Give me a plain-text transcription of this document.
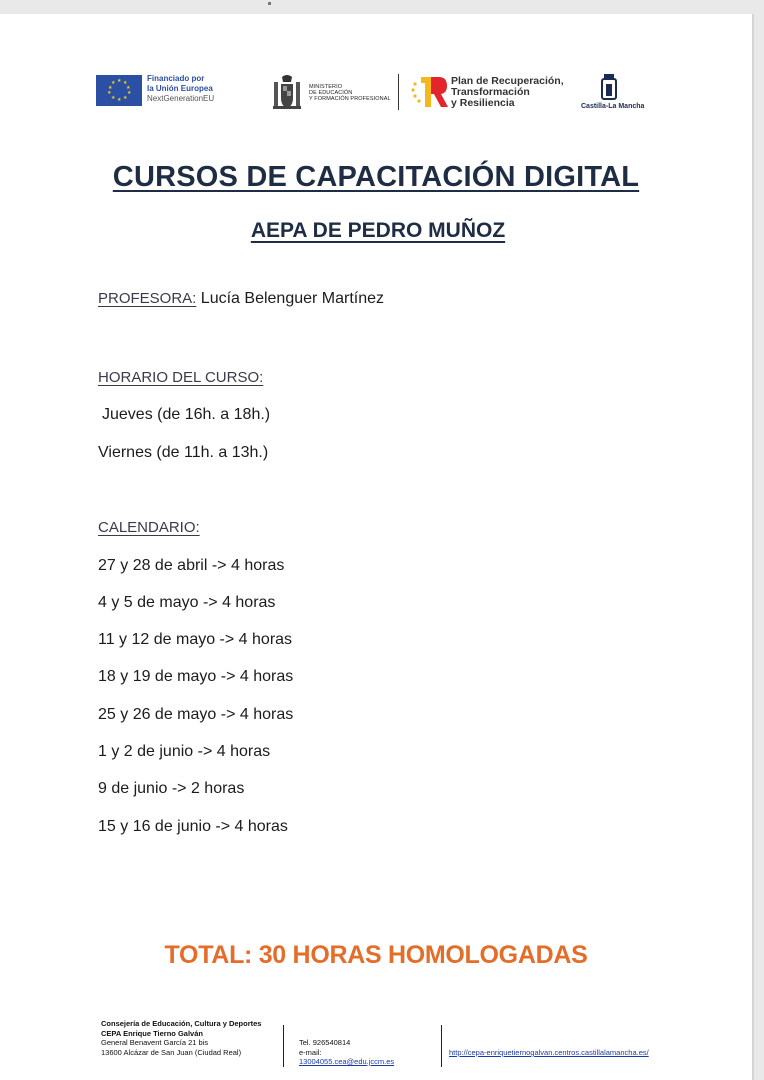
★ ★
★
★
★
★
★
★
★
★	Financiado por
la Unión Europea
NextGenerationEU
MINISTERIO
DE EDUCACIÓN
Y FORMACIÓN PROFESIONAL
Plan de Recuperación,
Transformación
y Resiliencia	Castilla-La Mancha
CURSOS DE CAPACITACIÓN DIGITAL
AEPA DE PEDRO MUÑOZ
PROFESORA: Lucía Belenguer Martínez
HORARIO DEL CURSO:
Jueves (de 16h. a 18h.)
Viernes (de 11h. a 13h.)
CALENDARIO:
27 y 28 de abril -> 4 horas
4 y 5 de mayo -> 4 horas
11 y 12 de mayo -> 4 horas
18 y 19 de mayo -> 4 horas
25 y 26 de mayo -> 4 horas
1 y 2 de junio -> 4 horas
9 de junio -> 2 horas
15 y 16 de junio -> 4 horas
TOTAL: 30 HORAS HOMOLOGADAS
Consejería de Educación, Cultura y Deportes
CEPA Enrique Tierno Galván
General Benavent García 21 bis
13600 Alcázar de San Juan (Ciudad Real)
Tel. 926540814
e-mail:
13004055.cea@edu.jccm.es
http://cepa-enriquetiernogalvan.centros.castillalamancha.es/
